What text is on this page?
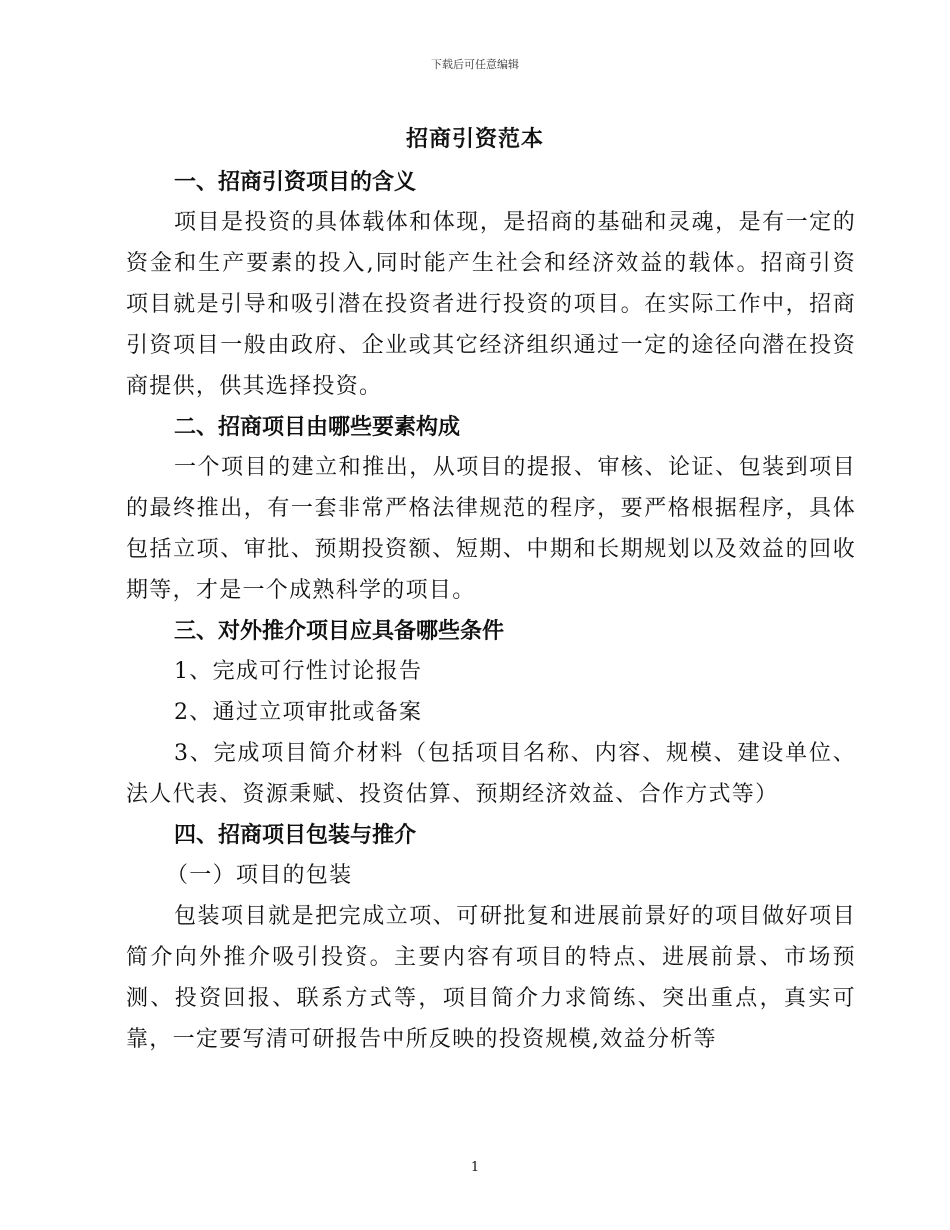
下载后可任意编辑
招商引资范本
一、招商引资项目的含义
项目是投资的具体载体和体现，是招商的基础和灵魂，是有一定的资金和生产要素的投入,同时能产生社会和经济效益的载体。招商引资项目就是引导和吸引潜在投资者进行投资的项目。在实际工作中，招商引资项目一般由政府、企业或其它经济组织通过一定的途径向潜在投资商提供，供其选择投资。
二、招商项目由哪些要素构成
一个项目的建立和推出，从项目的提报、审核、论证、包装到项目的最终推出，有一套非常严格法律规范的程序，要严格根据程序，具体包括立项、审批、预期投资额、短期、中期和长期规划以及效益的回收期等，才是一个成熟科学的项目。
三、对外推介项目应具备哪些条件
1、完成可行性讨论报告
2、通过立项审批或备案
3、完成项目简介材料（包括项目名称、内容、规模、建设单位、法人代表、资源秉赋、投资估算、预期经济效益、合作方式等）
四、招商项目包装与推介
（一）项目的包装
包装项目就是把完成立项、可研批复和进展前景好的项目做好项目简介向外推介吸引投资。主要内容有项目的特点、进展前景、市场预测、投资回报、联系方式等，项目简介力求简练、突出重点，真实可靠，一定要写清可研报告中所反映的投资规模,效益分析等
1
